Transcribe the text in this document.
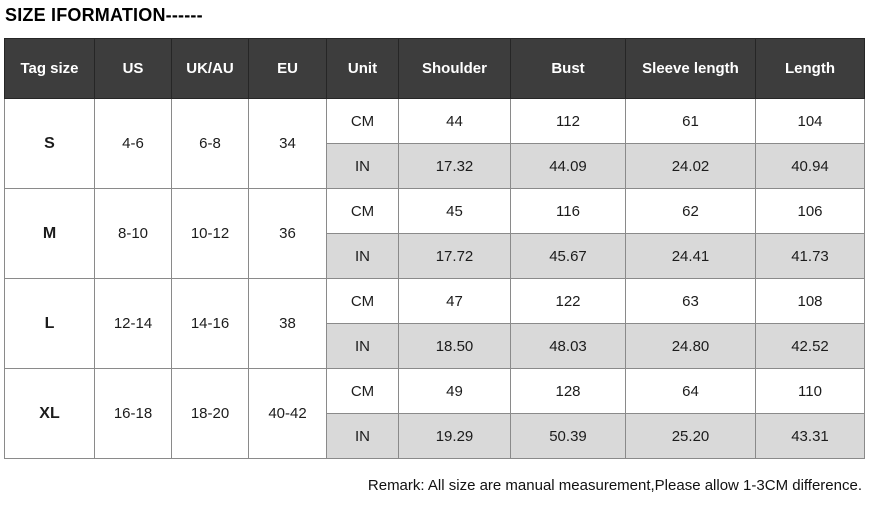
SIZE IFORMATION------
Tag size	US	UK/AU	EU	Unit	Shoulder	Bust	Sleeve length	Length
S	4-6	6-8	34	CM	44	112	61	104
				IN	17.32	44.09	24.02	40.94
M	8-10	10-12	36	CM	45	116	62	106
				IN	17.72	45.67	24.41	41.73
L	12-14	14-16	38	CM	47	122	63	108
				IN	18.50	48.03	24.80	42.52
XL	16-18	18-20	40-42	CM	49	128	64	110
				IN	19.29	50.39	25.20	43.31
Remark: All size are manual measurement,Please allow 1-3CM difference.
